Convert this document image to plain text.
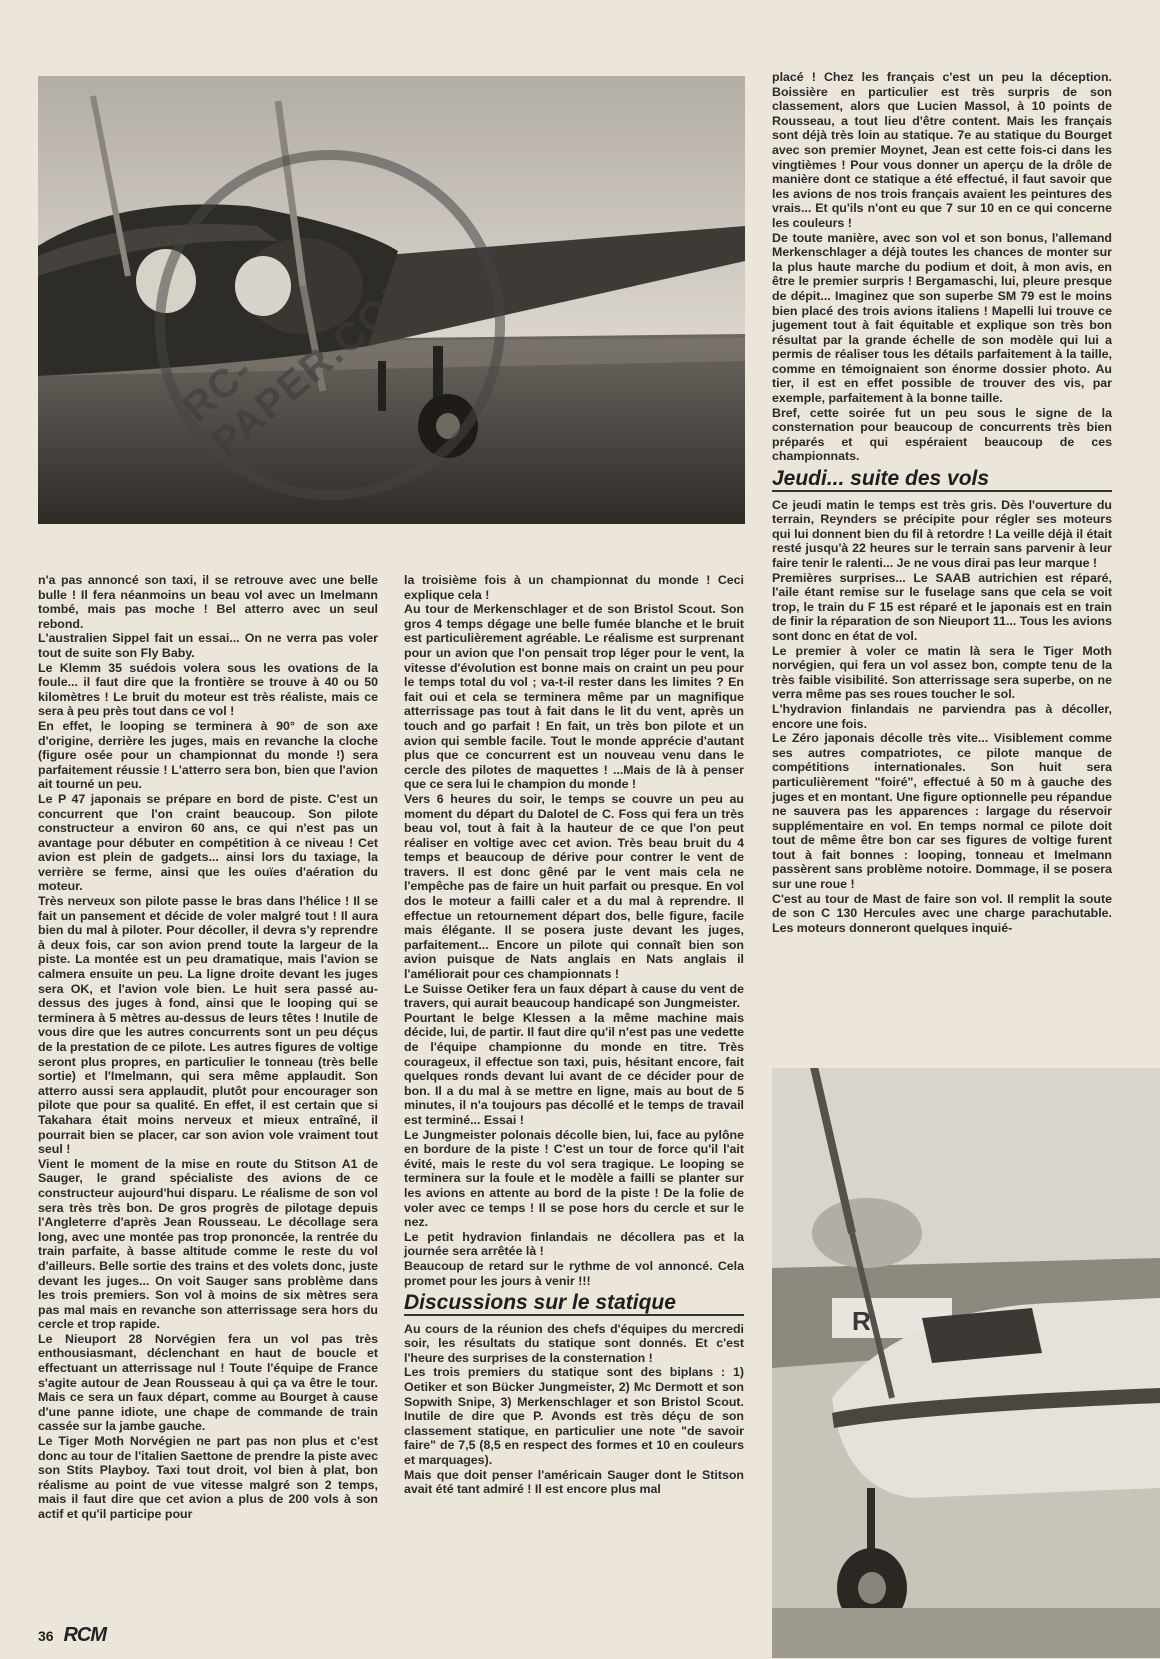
RC-PAPER.COM

n'a pas annoncé son taxi, il se retrouve avec une belle bulle ! Il fera néanmoins un beau vol avec un Imelmann tombé, mais pas moche ! Bel atterro avec un seul rebond.

L'australien Sippel fait un essai... On ne verra pas voler tout de suite son Fly Baby.

Le Klemm 35 suédois volera sous les ovations de la foule... il faut dire que la frontière se trouve à 40 ou 50 kilomètres ! Le bruit du moteur est très réaliste, mais ce sera à peu près tout dans ce vol !

En effet, le looping se terminera à 90° de son axe d'origine, derrière les juges, mais en revanche la cloche (figure osée pour un championnat du monde !) sera parfaitement réussie ! L'atterro sera bon, bien que l'avion ait tourné un peu.

Le P 47 japonais se prépare en bord de piste. C'est un concurrent que l'on craint beaucoup. Son pilote constructeur a environ 60 ans, ce qui n'est pas un avantage pour débuter en compétition à ce niveau ! Cet avion est plein de gadgets... ainsi lors du taxiage, la verrière se ferme, ainsi que les ouïes d'aération du moteur.

Très nerveux son pilote passe le bras dans l'hélice ! Il se fait un pansement et décide de voler malgré tout ! Il aura bien du mal à piloter. Pour décoller, il devra s'y reprendre à deux fois, car son avion prend toute la largeur de la piste. La montée est un peu dramatique, mais l'avion se calmera ensuite un peu. La ligne droite devant les juges sera OK, et l'avion vole bien. Le huit sera passé au-dessus des juges à fond, ainsi que le looping qui se terminera à 5 mètres au-dessus de leurs têtes ! Inutile de vous dire que les autres concurrents sont un peu déçus de la prestation de ce pilote. Les autres figures de voltige seront plus propres, en particulier le tonneau (très belle sortie) et l'Imelmann, qui sera même applaudit. Son atterro aussi sera applaudit, plutôt pour encourager son pilote que pour sa qualité. En effet, il est certain que si Takahara était moins nerveux et mieux entraîné, il pourrait bien se placer, car son avion vole vraiment tout seul !

Vient le moment de la mise en route du Stitson A1 de Sauger, le grand spécialiste des avions de ce constructeur aujourd'hui disparu. Le réalisme de son vol sera très très bon. De gros progrès de pilotage depuis l'Angleterre d'après Jean Rousseau. Le décollage sera long, avec une montée pas trop prononcée, la rentrée du train parfaite, à basse altitude comme le reste du vol d'ailleurs. Belle sortie des trains et des volets donc, juste devant les juges... On voit Sauger sans problème dans les trois premiers. Son vol à moins de six mètres sera pas mal mais en revanche son atterrissage sera hors du cercle et trop rapide.

Le Nieuport 28 Norvégien fera un vol pas très enthousiasmant, déclenchant en haut de boucle et effectuant un atterrissage nul ! Toute l'équipe de France s'agite autour de Jean Rousseau à qui ça va être le tour. Mais ce sera un faux départ, comme au Bourget à cause d'une panne idiote, une chape de commande de train cassée sur la jambe gauche.

Le Tiger Moth Norvégien ne part pas non plus et c'est donc au tour de l'italien Saettone de prendre la piste avec son Stits Playboy. Taxi tout droit, vol bien à plat, bon réalisme au point de vue vitesse malgré son 2 temps, mais il faut dire que cet avion a plus de 200 vols à son actif et qu'il participe pour

la troisième fois à un championnat du monde ! Ceci explique cela !

Au tour de Merkenschlager et de son Bristol Scout. Son gros 4 temps dégage une belle fumée blanche et le bruit est particulièrement agréable. Le réalisme est surprenant pour un avion que l'on pensait trop léger pour le vent, la vitesse d'évolution est bonne mais on craint un peu pour le temps total du vol ; va-t-il rester dans les limites ? En fait oui et cela se terminera même par un magnifique atterrissage pas tout à fait dans le lit du vent, après un touch and go parfait ! En fait, un très bon pilote et un avion qui semble facile. Tout le monde apprécie d'autant plus que ce concurrent est un nouveau venu dans le cercle des pilotes de maquettes ! ...Mais de là à penser que ce sera lui le champion du monde !

Vers 6 heures du soir, le temps se couvre un peu au moment du départ du Dalotel de C. Foss qui fera un très beau vol, tout à fait à la hauteur de ce que l'on peut réaliser en voltige avec cet avion. Très beau bruit du 4 temps et beaucoup de dérive pour contrer le vent de travers. Il est donc gêné par le vent mais cela ne l'empêche pas de faire un huit parfait ou presque. En vol dos le moteur a failli caler et a du mal à reprendre. Il effectue un retournement départ dos, belle figure, facile mais élégante. Il se posera juste devant les juges, parfaitement... Encore un pilote qui connaît bien son avion puisque de Nats anglais en Nats anglais il l'améliorait pour ces championnats !

Le Suisse Oetiker fera un faux départ à cause du vent de travers, qui aurait beaucoup handicapé son Jungmeister.

Pourtant le belge Klessen a la même machine mais décide, lui, de partir. Il faut dire qu'il n'est pas une vedette de l'équipe championne du monde en titre. Très courageux, il effectue son taxi, puis, hésitant encore, fait quelques ronds devant lui avant de ce décider pour de bon. Il a du mal à se mettre en ligne, mais au bout de 5 minutes, il n'a toujours pas décollé et le temps de travail est terminé... Essai !

Le Jungmeister polonais décolle bien, lui, face au pylône en bordure de la piste ! C'est un tour de force qu'il l'ait évité, mais le reste du vol sera tragique. Le looping se terminera sur la foule et le modèle a failli se planter sur les avions en attente au bord de la piste ! De la folie de voler avec ce temps ! Il se pose hors du cercle et sur le nez.

Le petit hydravion finlandais ne décollera pas et la journée sera arrêtée là !

Beaucoup de retard sur le rythme de vol annoncé. Cela promet pour les jours à venir !!!

Discussions sur le statique

Au cours de la réunion des chefs d'équipes du mercredi soir, les résultats du statique sont donnés. Et c'est l'heure des surprises de la consternation !

Les trois premiers du statique sont des biplans : 1) Oetiker et son Bücker Jungmeister, 2) Mc Dermott et son Sopwith Snipe, 3) Merkenschlager et son Bristol Scout. Inutile de dire que P. Avonds est très déçu de son classement statique, en particulier une note "de savoir faire" de 7,5 (8,5 en respect des formes et 10 en couleurs et marquages).

Mais que doit penser l'américain Sauger dont le Stitson avait été tant admiré ! Il est encore plus mal

placé ! Chez les français c'est un peu la déception. Boissière en particulier est très surpris de son classement, alors que Lucien Massol, à 10 points de Rousseau, a tout lieu d'être content. Mais les français sont déjà très loin au statique. 7e au statique du Bourget avec son premier Moynet, Jean est cette fois-ci dans les vingtièmes ! Pour vous donner un aperçu de la drôle de manière dont ce statique a été effectué, il faut savoir que les avions de nos trois français avaient les peintures des vrais... Et qu'ils n'ont eu que 7 sur 10 en ce qui concerne les couleurs !

De toute manière, avec son vol et son bonus, l'allemand Merkenschlager a déjà toutes les chances de monter sur la plus haute marche du podium et doit, à mon avis, en être le premier surpris ! Bergamaschi, lui, pleure presque de dépit... Imaginez que son superbe SM 79 est le moins bien placé des trois avions italiens ! Mapelli lui trouve ce jugement tout à fait équitable et explique son très bon résultat par la grande échelle de son modèle qui lui a permis de réaliser tous les détails parfaitement à la taille, comme en témoignaient son énorme dossier photo. Au tier, il est en effet possible de trouver des vis, par exemple, parfaitement à la bonne taille.

Bref, cette soirée fut un peu sous le signe de la consternation pour beaucoup de concurrents très bien préparés et qui espéraient beaucoup de ces championnats.

Jeudi... suite des vols

Ce jeudi matin le temps est très gris. Dès l'ouverture du terrain, Reynders se précipite pour régler ses moteurs qui lui donnent bien du fil à retordre ! La veille déjà il était resté jusqu'à 22 heures sur le terrain sans parvenir à leur faire tenir le ralenti... Je ne vous dirai pas leur marque !

Premières surprises... Le SAAB autrichien est réparé, l'aile étant remise sur le fuselage sans que cela se voit trop, le train du F 15 est réparé et le japonais est en train de finir la réparation de son Nieuport 11... Tous les avions sont donc en état de vol.

Le premier à voler ce matin là sera le Tiger Moth norvégien, qui fera un vol assez bon, compte tenu de la très faible visibilité. Son atterrissage sera superbe, on ne verra même pas ses roues toucher le sol.

L'hydravion finlandais ne parviendra pas à décoller, encore une fois.

Le Zéro japonais décolle très vite... Visiblement comme ses autres compatriotes, ce pilote manque de compétitions internationales. Son huit sera particulièrement "foiré", effectué à 50 m à gauche des juges et en montant. Une figure optionnelle peu répandue ne sauvera pas les apparences : largage du réservoir supplémentaire en vol. En temps normal ce pilote doit tout de même être bon car ses figures de voltige furent tout à fait bonnes : looping, tonneau et Imelmann passèrent sans problème notoire. Dommage, il se posera sur une roue !

C'est au tour de Mast de faire son vol. Il remplit la soute de son C 130 Hercules avec une charge parachutable. Les moteurs donneront quelques inquié-

R
36 RCM
